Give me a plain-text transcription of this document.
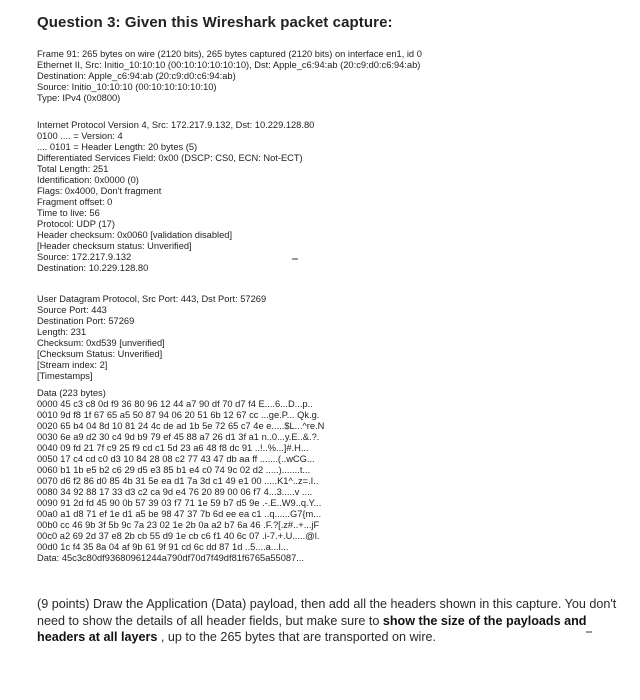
Question 3: Given this Wireshark packet capture:
Frame 91: 265 bytes on wire (2120 bits), 265 bytes captured (2120 bits) on interface en1, id 0
Ethernet II, Src: Initio_10:10:10 (00:10:10:10:10:10), Dst: Apple_c6:94:ab (20:c9:d0:c6:94:ab)
Destination: Apple_c6:94:ab (20:c9:d0:c6:94:ab)
Source: Initio_10:10:10 (00:10:10:10:10:10)
Type: IPv4 (0x0800)
Internet Protocol Version 4, Src: 172.217.9.132, Dst: 10.229.128.80
0100 .... = Version: 4
.... 0101 = Header Length: 20 bytes (5)
Differentiated Services Field: 0x00 (DSCP: CS0, ECN: Not-ECT)
Total Length: 251
Identification: 0x0000 (0)
Flags: 0x4000, Don't fragment
Fragment offset: 0
Time to live: 56
Protocol: UDP (17)
Header checksum: 0x0060 [validation disabled]
[Header checksum status: Unverified]
Source: 172.217.9.132
Destination: 10.229.128.80
User Datagram Protocol, Src Port: 443, Dst Port: 57269
Source Port: 443
Destination Port: 57269
Length: 231
Checksum: 0xd539 [unverified]
[Checksum Status: Unverified]
[Stream index: 2]
[Timestamps]
Data (223 bytes)
0000 45 c3 c8 0d f9 36 80 96 12 44 a7 90 df 70 d7 f4 E....6...D...p..
0010 9d f8 1f 67 65 a5 50 87 94 06 20 51 6b 12 67 cc ...ge.P... Qk.g.
0020 65 b4 04 8d 10 81 24 4c de ad 1b 5e 72 65 c7 4e e.....$L...^re.N
0030 6e a9 d2 30 c4 9d b9 79 ef 45 88 a7 26 d1 3f a1 n..0...y.E..&.?.
0040 09 fd 21 7f c9 25 f9 cd c1 5d 23 a6 48 f8 dc 91 ..!..%...]#.H...
0050 17 c4 cd c0 d3 10 84 28 08 c2 77 43 47 db aa ff .......(..wCG...
0060 b1 1b e5 b2 c6 29 d5 e3 85 b1 e4 c0 74 9c 02 d2 .....).......t...
0070 d6 f2 86 d0 85 4b 31 5e ea d1 7a 3d c1 49 e1 00 .....K1^..z=.I..
0080 34 92 88 17 33 d3 c2 ca 9d e4 76 20 89 00 06 f7 4...3.....v ....
0090 91 2d fd 45 90 0b 57 39 03 f7 71 1e 59 b7 d5 9e .-.E..W9..q.Y...
00a0 a1 d8 71 ef 1e d1 a5 be 98 47 37 7b 6d ee ea c1 ..q......G7{m...
00b0 cc 46 9b 3f 5b 9c 7a 23 02 1e 2b 0a a2 b7 6a 46 .F.?[.z#..+...jF
00c0 a2 69 2d 37 e8 2b cb 55 d9 1e cb c6 f1 40 6c 07 .i-7.+.U.....@l.
00d0 1c f4 35 8a 04 af 9b 61 9f 91 cd 6c dd 87 1d ..5....a...l...
Data: 45c3c80df93680961244a790df70d7f49df81f6765a55087...
(9 points) Draw the Application (Data) payload, then add all the headers shown in this capture. You don't need to show the details of all header fields, but make sure to show the size of the payloads and headers at all layers , up to the 265 bytes that are transported on wire.
